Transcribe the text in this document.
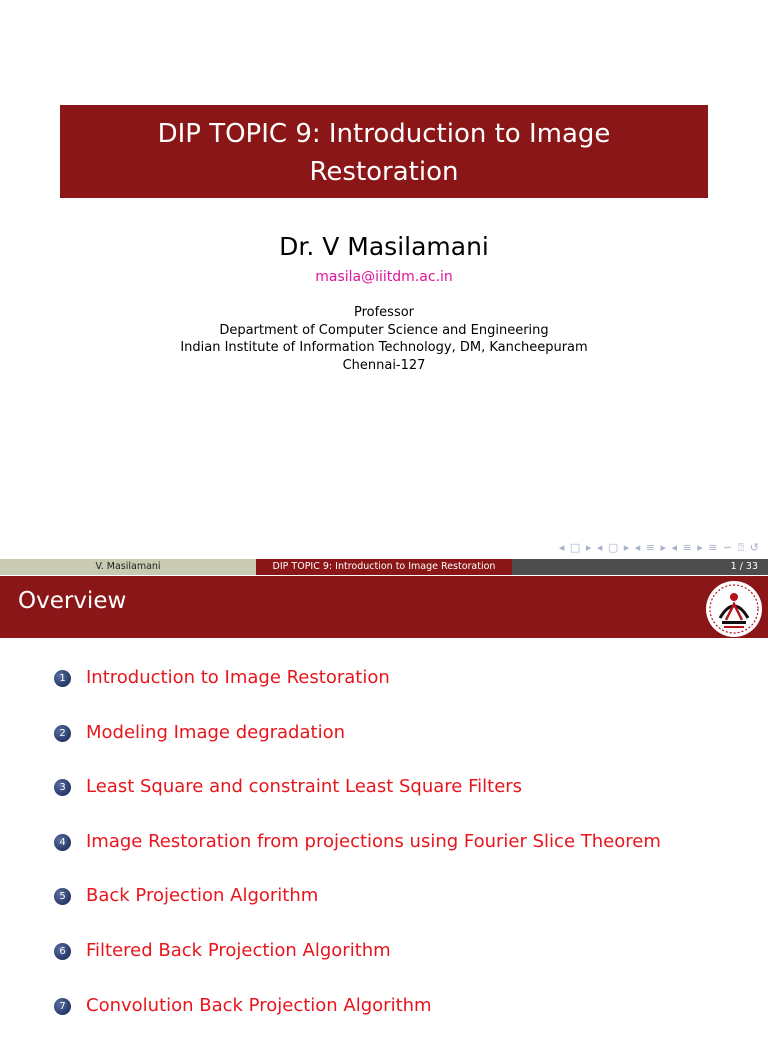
DIP TOPIC 9: Introduction to Image
Restoration
Dr. V Masilamani
masila@iiitdm.ac.in
Professor
Department of Computer Science and Engineering
Indian Institute of Information Technology, DM, Kancheepuram
Chennai-127
◂ □ ▸ ◂ ▢ ▸ ◂ ≡ ▸ ◂ ≡ ▸ ≡ ∽ ⍰ ↺
V. Masilamani	DIP TOPIC 9: Introduction to Image Restoration	1 / 33
Overview
1 Introduction to Image Restoration
2 Modeling Image degradation
3 Least Square and constraint Least Square Filters
4 Image Restoration from projections using Fourier Slice Theorem
5 Back Projection Algorithm
6 Filtered Back Projection Algorithm
7 Convolution Back Projection Algorithm
